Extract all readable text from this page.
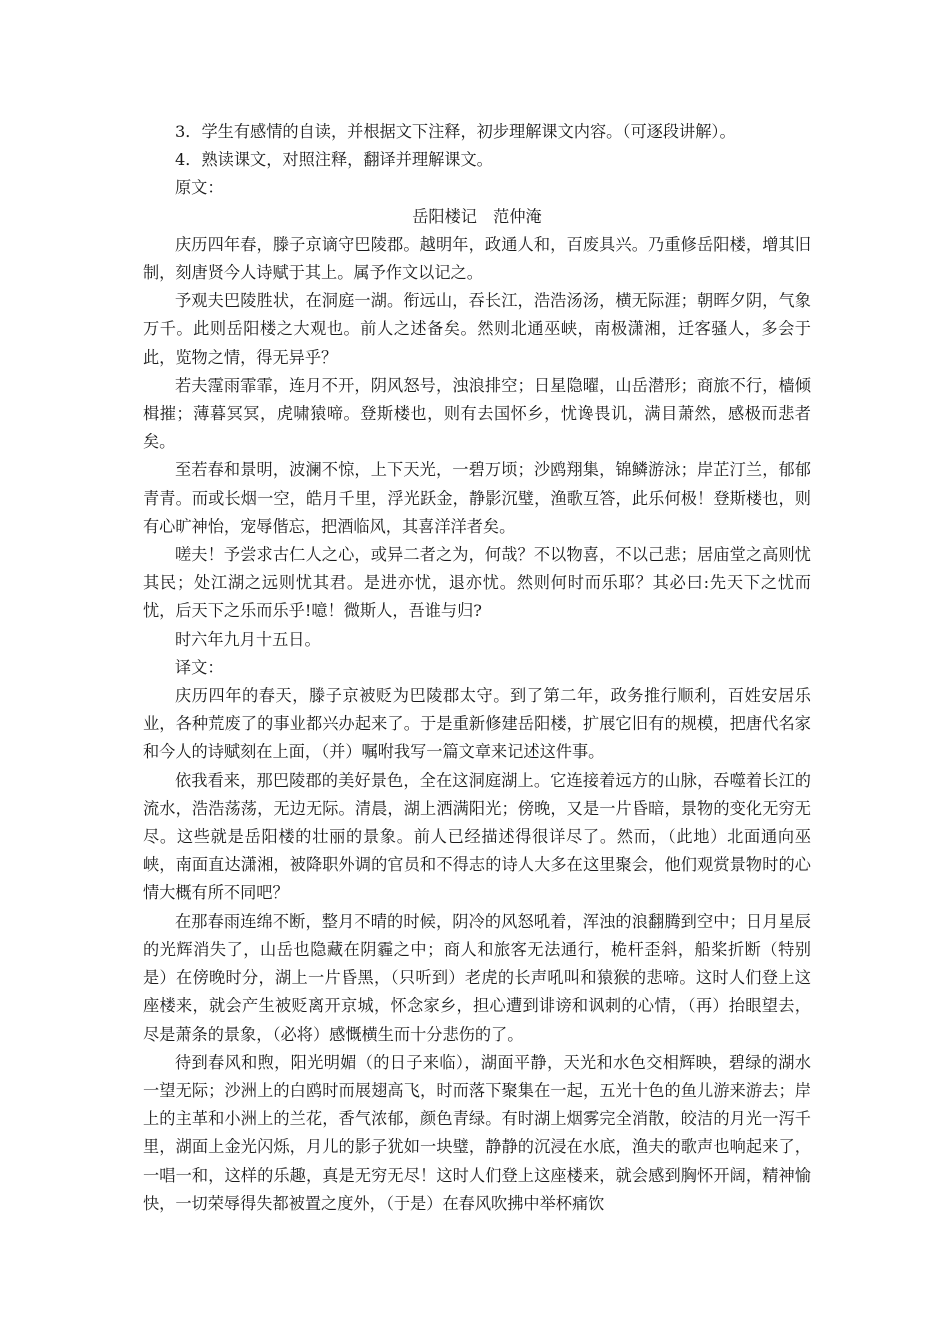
3．学生有感情的自读，并根据文下注释，初步理解课文内容。（可逐段讲解）。

4．熟读课文，对照注释，翻译并理解课文。

原文：

岳阳楼记　范仲淹

庆历四年春，滕子京谪守巴陵郡。越明年，政通人和，百废具兴。乃重修岳阳楼，增其旧制，刻唐贤今人诗赋于其上。属予作文以记之。

予观夫巴陵胜状，在洞庭一湖。衔远山，吞长江，浩浩汤汤，横无际涯；朝晖夕阴，气象万千。此则岳阳楼之大观也。前人之述备矣。然则北通巫峡，南极潇湘，迁客骚人，多会于此，览物之情，得无异乎？

若夫霪雨霏霏，连月不开，阴风怒号，浊浪排空；日星隐曜，山岳潜形；商旅不行，樯倾楫摧；薄暮冥冥，虎啸猿啼。登斯楼也，则有去国怀乡，忧谗畏讥，满目萧然，感极而悲者矣。

至若春和景明，波澜不惊，上下天光，一碧万顷；沙鸥翔集，锦鳞游泳；岸芷汀兰，郁郁青青。而或长烟一空，皓月千里，浮光跃金，静影沉璧，渔歌互答，此乐何极！登斯楼也，则有心旷神怡，宠辱偕忘，把酒临风，其喜洋洋者矣。

嗟夫！予尝求古仁人之心，或异二者之为，何哉？不以物喜，不以己悲；居庙堂之高则忧其民；处江湖之远则忧其君。是进亦忧，退亦忧。然则何时而乐耶？其必曰:先天下之忧而忧，后天下之乐而乐乎!噫！微斯人，吾谁与归?

时六年九月十五日。

译文：

庆历四年的春天，滕子京被贬为巴陵郡太守。到了第二年，政务推行顺利，百姓安居乐业，各种荒废了的事业都兴办起来了。于是重新修建岳阳楼，扩展它旧有的规模，把唐代名家和今人的诗赋刻在上面，（并）嘱咐我写一篇文章来记述这件事。

依我看来，那巴陵郡的美好景色，全在这洞庭湖上。它连接着远方的山脉，吞噬着长江的流水，浩浩荡荡，无边无际。清晨，湖上洒满阳光；傍晚，又是一片昏暗，景物的变化无穷无尽。这些就是岳阳楼的壮丽的景象。前人已经描述得很详尽了。然而，（此地）北面通向巫峡，南面直达潇湘，被降职外调的官员和不得志的诗人大多在这里聚会，他们观赏景物时的心情大概有所不同吧？

在那春雨连绵不断，整月不晴的时候，阴冷的风怒吼着，浑浊的浪翻腾到空中；日月星辰的光辉消失了，山岳也隐藏在阴霾之中；商人和旅客无法通行，桅杆歪斜，船桨折断（特别是）在傍晚时分，湖上一片昏黑，（只听到）老虎的长声吼叫和猿猴的悲啼。这时人们登上这座楼来，就会产生被贬离开京城，怀念家乡，担心遭到诽谤和讽刺的心情，（再）抬眼望去，尽是萧条的景象，（必将）感慨横生而十分悲伤的了。

待到春风和煦，阳光明媚（的日子来临），湖面平静，天光和水色交相辉映，碧绿的湖水一望无际；沙洲上的白鸥时而展翅高飞，时而落下聚集在一起，五光十色的鱼儿游来游去；岸上的主革和小洲上的兰花，香气浓郁，颜色青绿。有时湖上烟雾完全消散，皎洁的月光一泻千里，湖面上金光闪烁，月儿的影子犹如一块璧，静静的沉浸在水底，渔夫的歌声也响起来了，一唱一和，这样的乐趣，真是无穷无尽！这时人们登上这座楼来，就会感到胸怀开阔，精神愉快，一切荣辱得失都被置之度外，（于是）在春风吹拂中举杯痛饮
